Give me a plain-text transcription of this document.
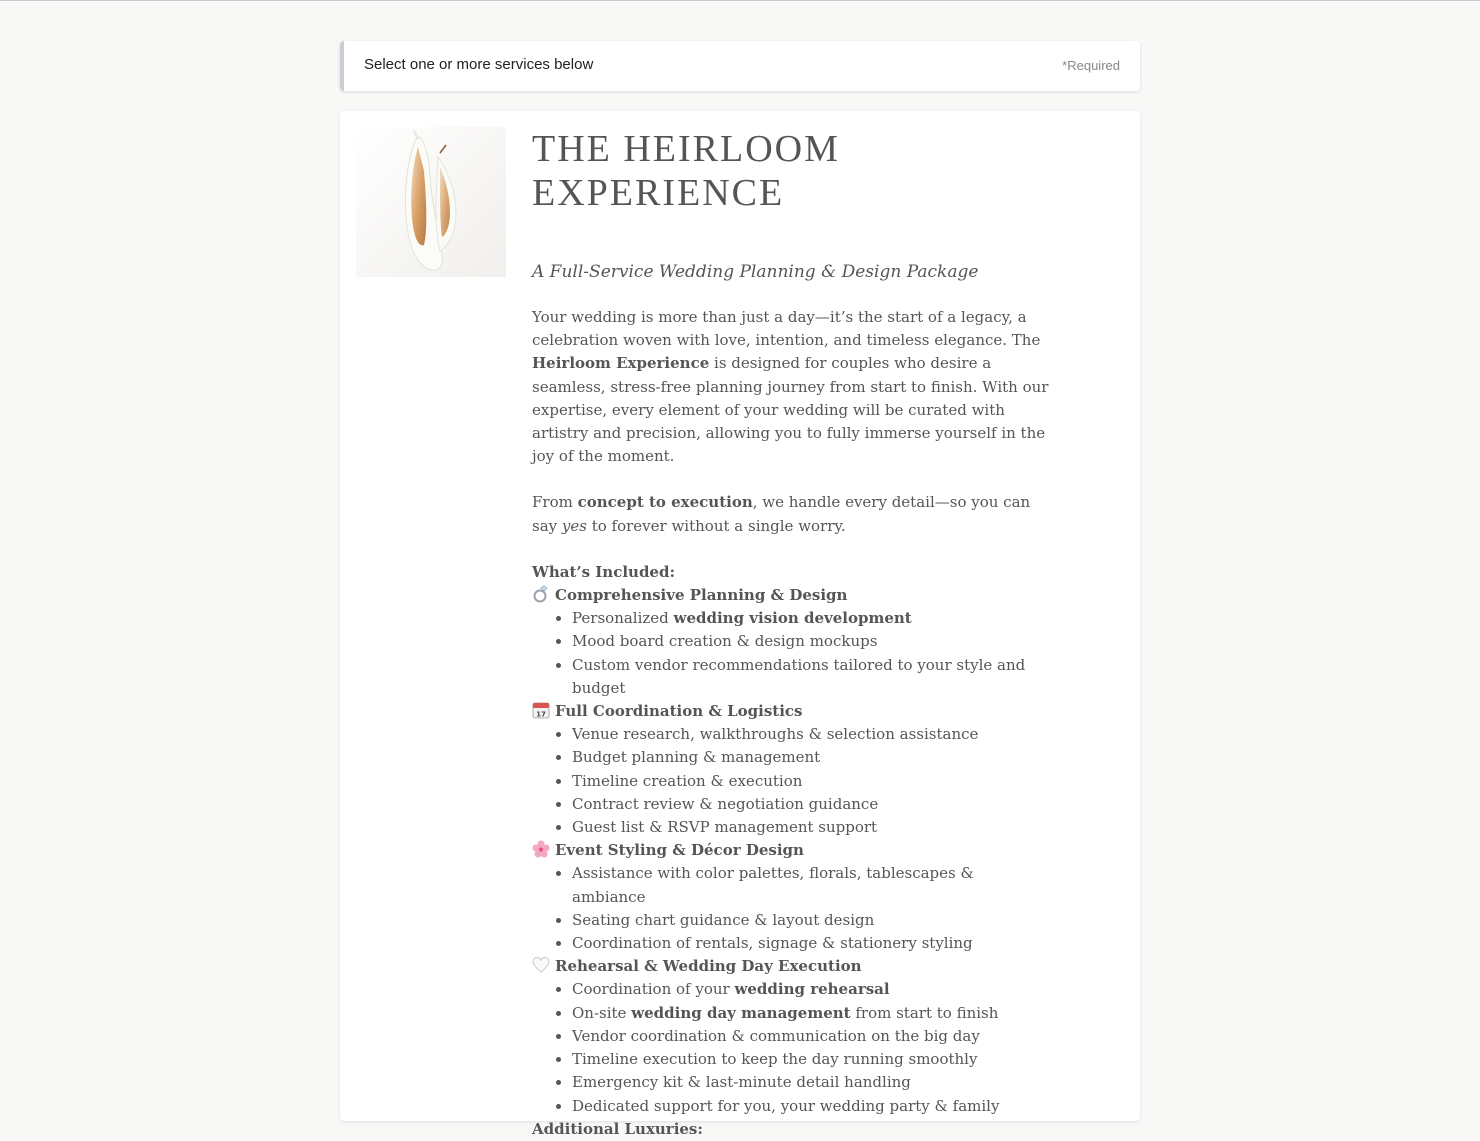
Select one or more services below	*Required
THE HEIRLOOM
EXPERIENCE

A Full-Service Wedding Planning & Design Package

Your wedding is more than just a day—it’s the start of a legacy, a celebration woven with love, intention, and timeless elegance. The Heirloom Experience is designed for couples who desire a seamless, stress-free planning journey from start to finish. With our expertise, every element of your wedding will be curated with artistry and precision, allowing you to fully immerse yourself in the joy of the moment.

From concept to execution, we handle every detail—so you can say yes to forever without a single worry.

What’s Included:

Comprehensive Planning & Design

• Personalized wedding vision development
• Mood board creation & design mockups
• Custom vendor recommendations tailored to your style and budget

17 Full Coordination & Logistics

• Venue research, walkthroughs & selection assistance
• Budget planning & management
• Timeline creation & execution
• Contract review & negotiation guidance
• Guest list & RSVP management support

Event Styling & Décor Design

• Assistance with color palettes, florals, tablescapes & ambiance
• Seating chart guidance & layout design
• Coordination of rentals, signage & stationery styling

Rehearsal & Wedding Day Execution

• Coordination of your wedding rehearsal
• On-site wedding day management from start to finish
• Vendor coordination & communication on the big day
• Timeline execution to keep the day running smoothly
• Emergency kit & last-minute detail handling
• Dedicated support for you, your wedding party & family

Additional Luxuries:
